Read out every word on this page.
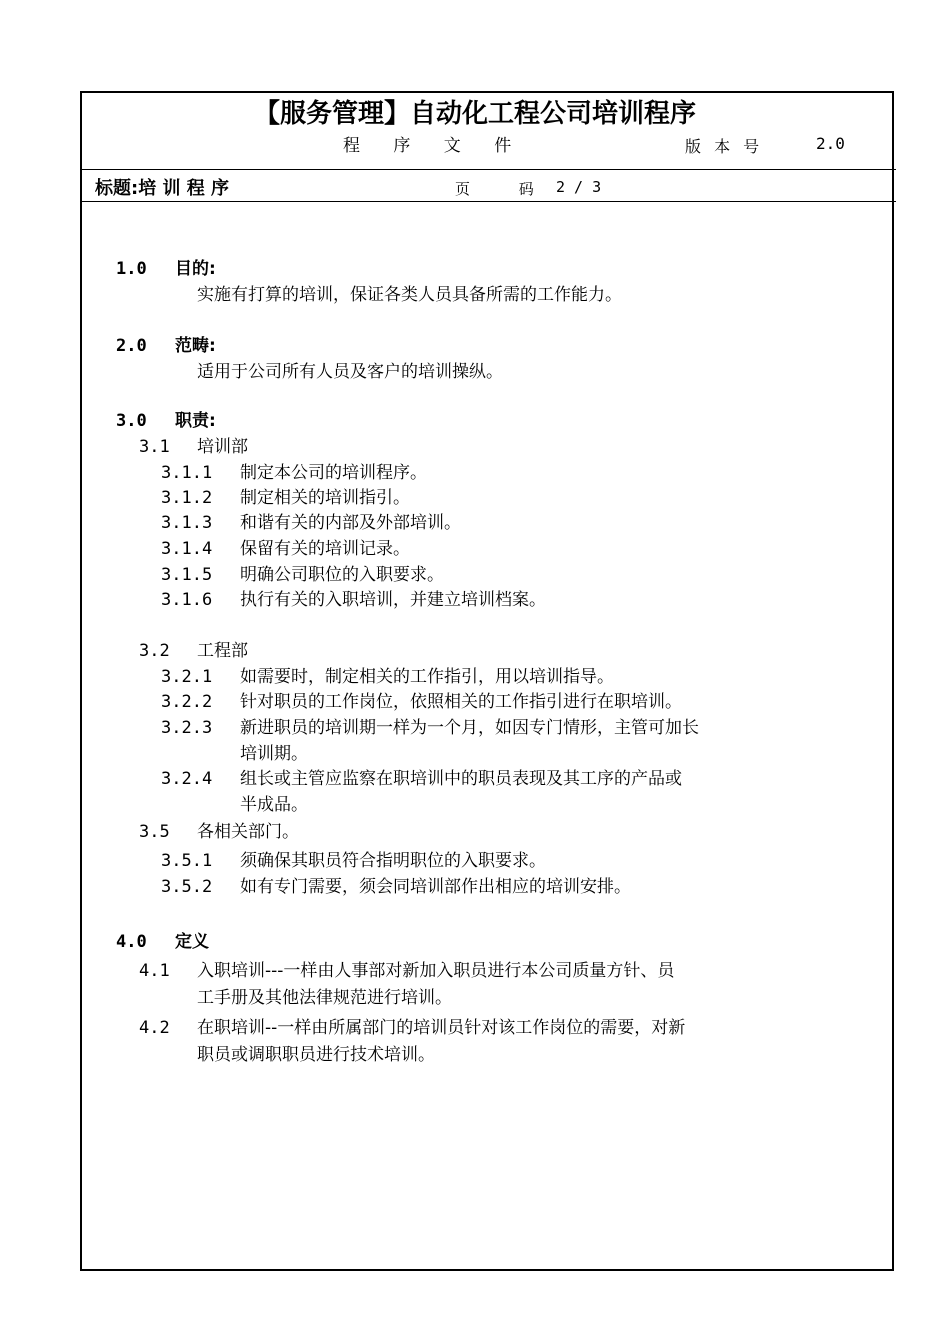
【服务管理】自动化工程公司培训程序
程 序 文 件	版 本 号	2.0
标题:培 训 程 序	页 码 2 / 3
1.0 目的:
实施有打算的培训，保证各类人员具备所需的工作能力。
2.0 范畴:
适用于公司所有人员及客户的培训操纵。
3.0 职责:
3.1 培训部
3.1.1 制定本公司的培训程序。
3.1.2 制定相关的培训指引。
3.1.3 和谐有关的内部及外部培训。
3.1.4 保留有关的培训记录。
3.1.5 明确公司职位的入职要求。
3.1.6 执行有关的入职培训，并建立培训档案。
3.2 工程部
3.2.1 如需要时，制定相关的工作指引，用以培训指导。
3.2.2 针对职员的工作岗位，依照相关的工作指引进行在职培训。
3.2.3 新进职员的培训期一样为一个月，如因专门情形，主管可加长
培训期。
3.2.4 组长或主管应监察在职培训中的职员表现及其工序的产品或
半成品。
3.5 各相关部门。
3.5.1 须确保其职员符合指明职位的入职要求。
3.5.2 如有专门需要，须会同培训部作出相应的培训安排。
4.0 定义
4.1 入职培训---一样由人事部对新加入职员进行本公司质量方针、员
工手册及其他法律规范进行培训。
4.2 在职培训--一样由所属部门的培训员针对该工作岗位的需要，对新
职员或调职职员进行技术培训。
